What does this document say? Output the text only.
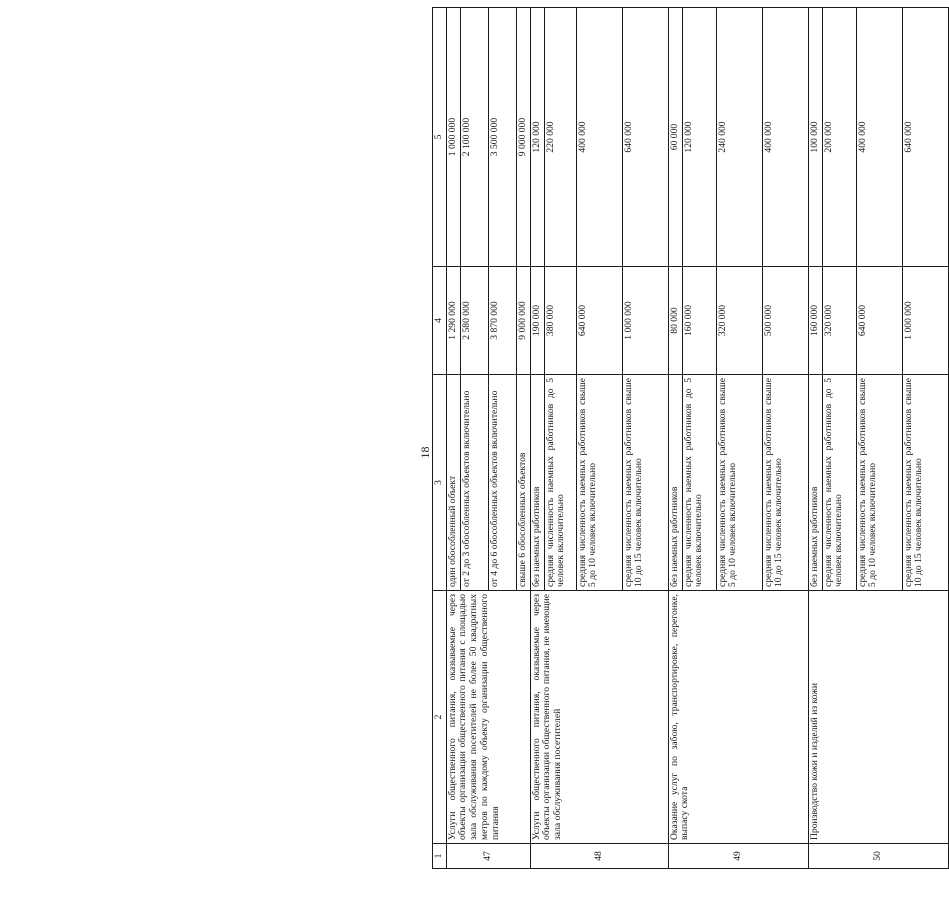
18
1	2	3	4	5
47	Услуги общественного питания, оказываемые через объекты организации общественного питания с площадью зала обслуживания посетителей не более 50 квадратных метров по каждому объекту организации общественного питания	один обособленный объект	1 290 000	1 000 000
		от 2 до 3 обособленных объектов включительно	2 580 000	2 100 000
		от 4 до 6 обособленных объектов включительно	3 870 000	3 500 000
		свыше 6 обособленных объектов	9 000 000	9 000 000
48	Услуги общественного питания, оказываемые через объекты организации общественного питания, не имеющие зала обслуживания посетителей	без наемных работников	190 000	120 000
		средняя численность наемных работников до 5 человек включительно	380 000	220 000
		средняя численность наемных работников свыше 5 до 10 человек включительно	640 000	400 000
		средняя численность наемных работников свыше 10 до 15 человек включительно	1 000 000	640 000
49	Оказание услуг по забою, транспортировке, перегонке, выпасу скота	без наемных работников	80 000	60 000
		средняя численность наемных работников до 5 человек включительно	160 000	120 000
		средняя численность наемных работников свыше 5 до 10 человек включительно	320 000	240 000
		средняя численность наемных работников свыше 10 до 15 человек включительно	500 000	400 000
50	Производство кожи и изделий из кожи	без наемных работников	160 000	100 000
		средняя численность наемных работников до 5 человек включительно	320 000	200 000
		средняя численность наемных работников свыше 5 до 10 человек включительно	640 000	400 000
		средняя численность наемных работников свыше 10 до 15 человек включительно	1 000 000	640 000
